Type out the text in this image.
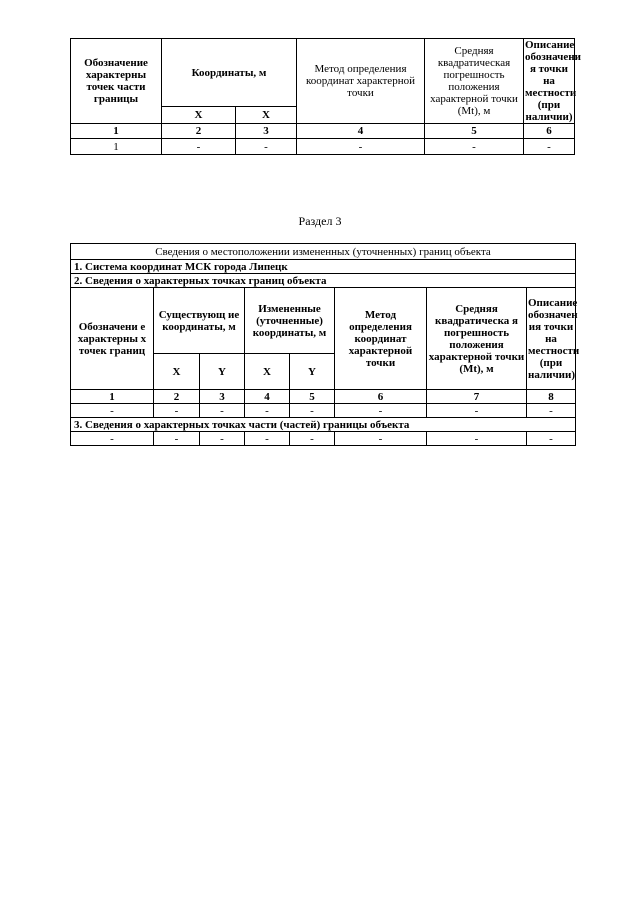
Обозначение характерны точек части границы	Координаты, м		Метод определения координат характерной точки	Средняя квадратическая погрешность положения характерной точки (Mt), м	Описание обозначени я точки на местности (при наличии)
	X	X			
1	2	3	4	5	6
1	-	-	-	-	-
Раздел 3
Сведения о местоположении измененных (уточненных) границ объекта							
1. Система координат МСК города Липецк							
2. Сведения о характерных точках границ объекта							
Обозначени е характерны х точек границ	Существующ ие координаты, м		Измененные (уточненные) координаты, м		Метод определения координат характерной точки	Средняя квадратическа я погрешность положения характерной точки (Mt), м	Описание обозначен ия точки на местности (при наличии)
	X	Y	X	Y			
1	2	3	4	5	6	7	8
-	-	-	-	-	-	-	-
3. Сведения о характерных точках части (частей) границы объекта							
-	-	-	-	-	-	-	-
